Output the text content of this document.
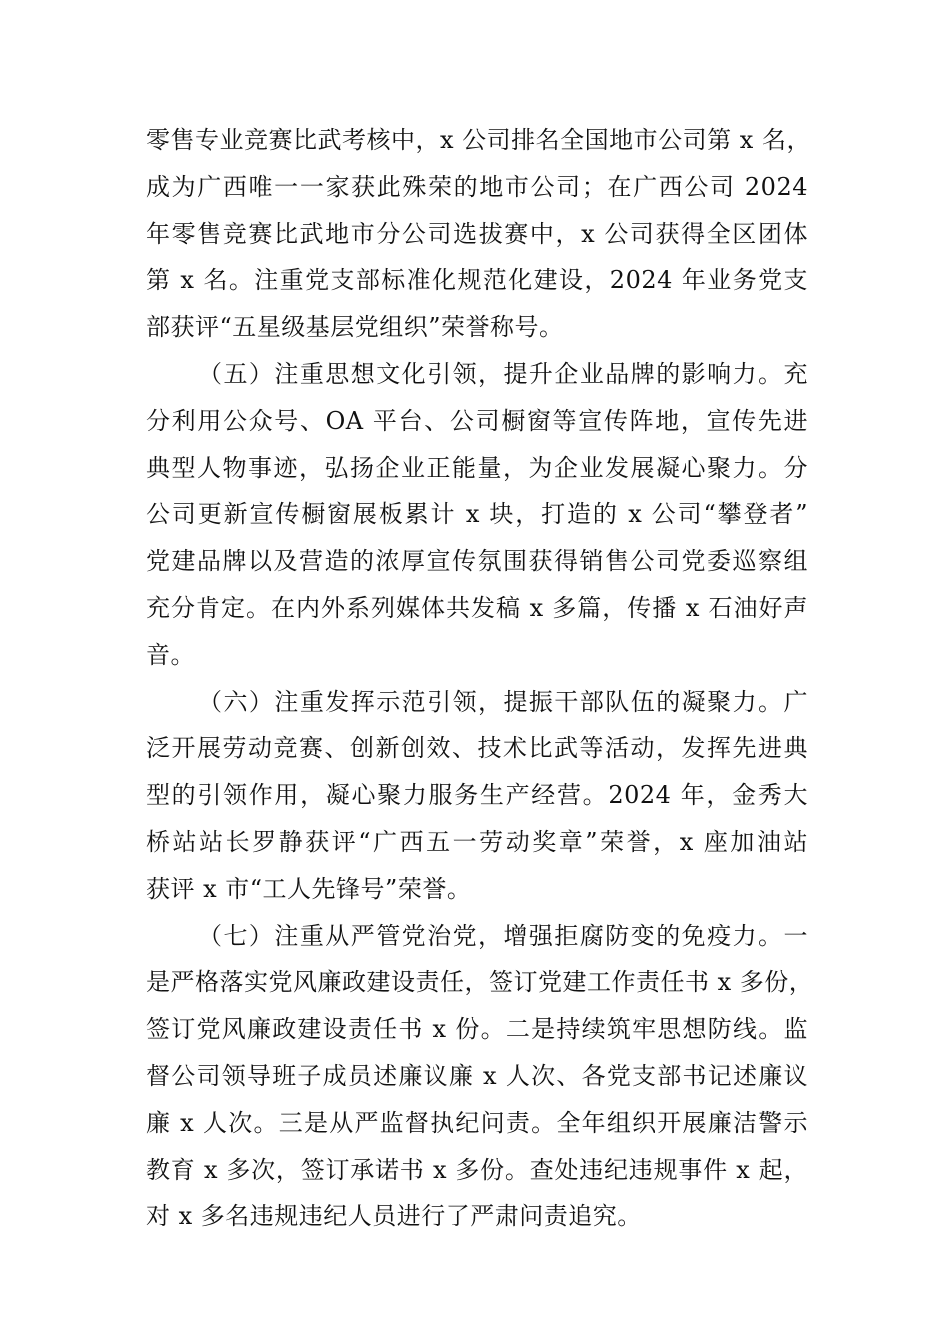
零售专业竞赛比武考核中，x 公司排名全国地市公司第 x 名，
成为广西唯一一家获此殊荣的地市公司；在广西公司 2024
年零售竞赛比武地市分公司选拔赛中，x 公司获得全区团体
第 x 名。注重党支部标准化规范化建设，2024 年业务党支
部获评“五星级基层党组织”荣誉称号。
（五）注重思想文化引领，提升企业品牌的影响力。充
分利用公众号、OA 平台、公司橱窗等宣传阵地，宣传先进
典型人物事迹，弘扬企业正能量，为企业发展凝心聚力。分
公司更新宣传橱窗展板累计 x 块，打造的 x 公司“攀登者”
党建品牌以及营造的浓厚宣传氛围获得销售公司党委巡察组
充分肯定。在内外系列媒体共发稿 x 多篇，传播 x 石油好声
音。
（六）注重发挥示范引领，提振干部队伍的凝聚力。广
泛开展劳动竞赛、创新创效、技术比武等活动，发挥先进典
型的引领作用，凝心聚力服务生产经营。2024 年，金秀大
桥站站长罗静获评“广西五一劳动奖章”荣誉，x 座加油站
获评 x 市“工人先锋号”荣誉。
（七）注重从严管党治党，增强拒腐防变的免疫力。一
是严格落实党风廉政建设责任，签订党建工作责任书 x 多份，
签订党风廉政建设责任书 x 份。二是持续筑牢思想防线。监
督公司领导班子成员述廉议廉 x 人次、各党支部书记述廉议
廉 x 人次。三是从严监督执纪问责。全年组织开展廉洁警示
教育 x 多次，签订承诺书 x 多份。查处违纪违规事件 x 起，
对 x 多名违规违纪人员进行了严肃问责追究。
